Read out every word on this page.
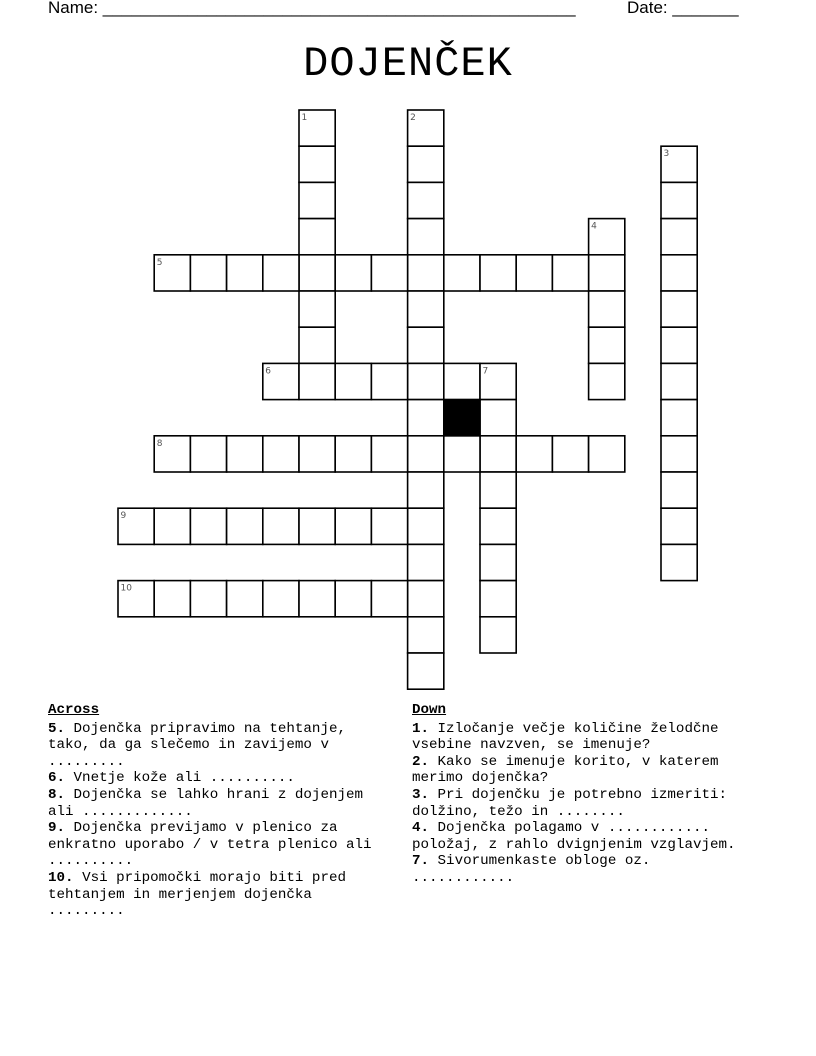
Name: __________________________________________________	Date: _______
DOJENČEK
1	2
3
4
5
6	7
8
9
10
Across
5. Dojenčka pripravimo na tehtanje, tako, da ga slečemo in zavijemo v .........
6. Vnetje kože ali ..........
8. Dojenčka se lahko hrani z dojenjem ali .............
9. Dojenčka previjamo v plenico za enkratno uporabo / v tetra plenico ali ..........
10. Vsi pripomočki morajo biti pred tehtanjem in merjenjem dojenčka .........
Down
1. Izločanje večje količine želodčne vsebine navzven, se imenuje?
2. Kako se imenuje korito, v katerem merimo dojenčka?
3. Pri dojenčku je potrebno izmeriti: dolžino, težo in ........
4. Dojenčka polagamo v ............ položaj, z rahlo dvignjenim vzglavjem.
7. Sivorumenkaste obloge oz. ............
